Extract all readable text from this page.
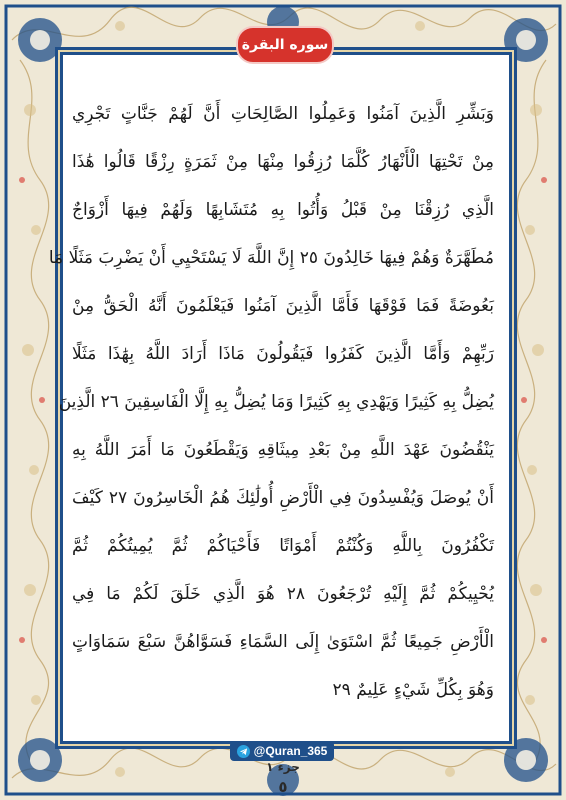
سوره البقرة
وَبَشِّرِ الَّذِينَ آمَنُوا وَعَمِلُوا الصَّالِحَاتِ أَنَّ لَهُمْ جَنَّاتٍ تَجْرِي
مِنْ تَحْتِهَا الْأَنْهَارُ كُلَّمَا رُزِقُوا مِنْهَا مِنْ ثَمَرَةٍ رِزْقًا قَالُوا هَٰذَا
الَّذِي رُزِقْنَا مِنْ قَبْلُ وَأُتُوا بِهِ مُتَشَابِهًا وَلَهُمْ فِيهَا أَزْوَاجٌ
مُطَهَّرَةٌ وَهُمْ فِيهَا خَالِدُونَ ٢٥ إِنَّ اللَّهَ لَا يَسْتَحْيِي أَنْ يَضْرِبَ مَثَلًا مَا
بَعُوضَةً فَمَا فَوْقَهَا فَأَمَّا الَّذِينَ آمَنُوا فَيَعْلَمُونَ أَنَّهُ الْحَقُّ مِنْ
رَبِّهِمْ وَأَمَّا الَّذِينَ كَفَرُوا فَيَقُولُونَ مَاذَا أَرَادَ اللَّهُ بِهَٰذَا مَثَلًا
يُضِلُّ بِهِ كَثِيرًا وَيَهْدِي بِهِ كَثِيرًا وَمَا يُضِلُّ بِهِ إِلَّا الْفَاسِقِينَ ٢٦ الَّذِينَ
يَنْقُضُونَ عَهْدَ اللَّهِ مِنْ بَعْدِ مِيثَاقِهِ وَيَقْطَعُونَ مَا أَمَرَ اللَّهُ بِهِ
أَنْ يُوصَلَ وَيُفْسِدُونَ فِي الْأَرْضِ أُولَٰئِكَ هُمُ الْخَاسِرُونَ ٢٧ كَيْفَ
تَكْفُرُونَ بِاللَّهِ وَكُنْتُمْ أَمْوَاتًا فَأَحْيَاكُمْ ثُمَّ يُمِيتُكُمْ ثُمَّ
يُحْيِيكُمْ ثُمَّ إِلَيْهِ تُرْجَعُونَ ٢٨ هُوَ الَّذِي خَلَقَ لَكُمْ مَا فِي
الْأَرْضِ جَمِيعًا ثُمَّ اسْتَوَىٰ إِلَى السَّمَاءِ فَسَوَّاهُنَّ سَبْعَ سَمَاوَاتٍ
وَهُوَ بِكُلِّ شَيْءٍ عَلِيمٌ ٢٩
@Quran_365
جزء ١
٥
